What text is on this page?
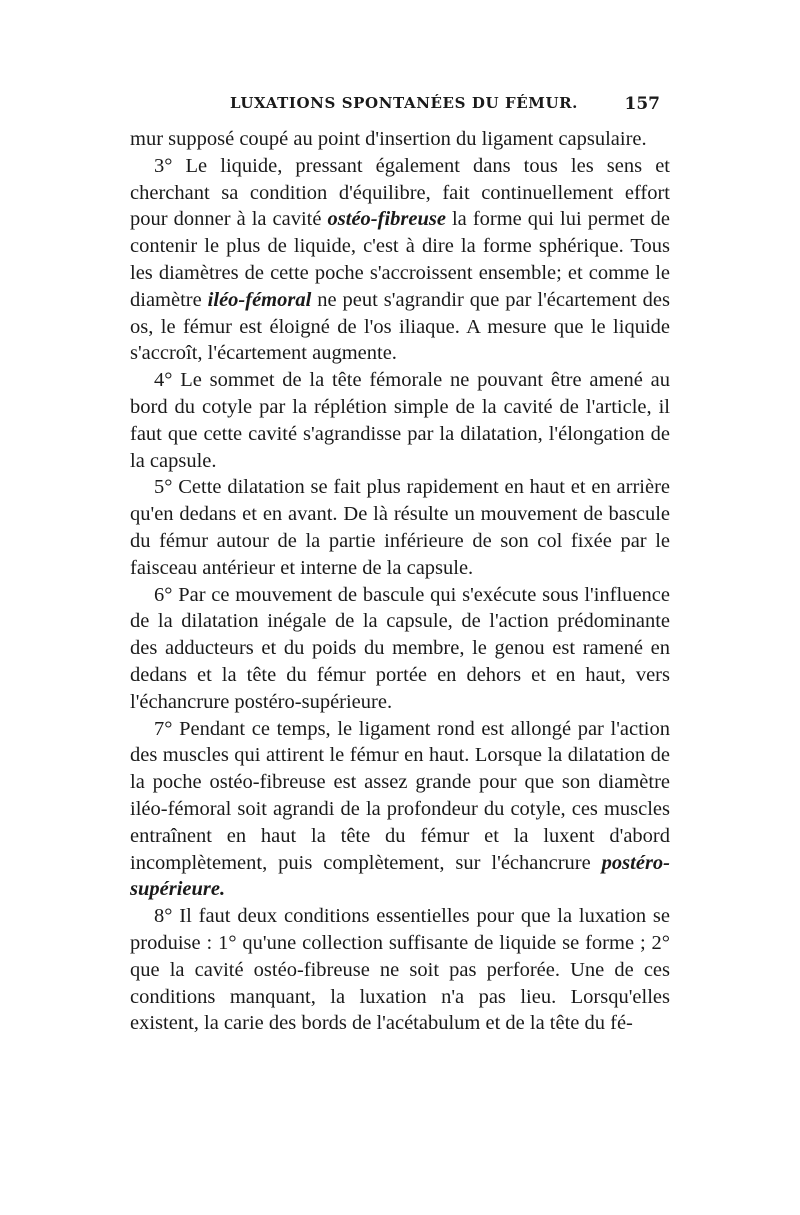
LUXATIONS SPONTANÉES DU FÉMUR.	157

mur supposé coupé au point d'insertion du ligament capsulaire.

3° Le liquide, pressant également dans tous les sens et cherchant sa condition d'équilibre, fait continuellement effort pour donner à la cavité ostéo-fibreuse la forme qui lui permet de contenir le plus de liquide, c'est à dire la forme sphérique. Tous les diamètres de cette poche s'accroissent ensemble; et comme le diamètre iléo-fémoral ne peut s'agrandir que par l'écartement des os, le fémur est éloigné de l'os iliaque. A mesure que le liquide s'accroît, l'écartement augmente.

4° Le sommet de la tête fémorale ne pouvant être amené au bord du cotyle par la réplétion simple de la cavité de l'article, il faut que cette cavité s'agrandisse par la dilatation, l'élongation de la capsule.

5° Cette dilatation se fait plus rapidement en haut et en arrière qu'en dedans et en avant. De là résulte un mouvement de bascule du fémur autour de la partie inférieure de son col fixée par le faisceau antérieur et interne de la capsule.

6° Par ce mouvement de bascule qui s'exécute sous l'influence de la dilatation inégale de la capsule, de l'action prédominante des adducteurs et du poids du membre, le genou est ramené en dedans et la tête du fémur portée en dehors et en haut, vers l'échancrure postéro-supérieure.

7° Pendant ce temps, le ligament rond est allongé par l'action des muscles qui attirent le fémur en haut. Lorsque la dilatation de la poche ostéo-fibreuse est assez grande pour que son diamètre iléo-fémoral soit agrandi de la profondeur du cotyle, ces muscles entraînent en haut la tête du fémur et la luxent d'abord incomplètement, puis complètement, sur l'échancrure postéro-supérieure.

8° Il faut deux conditions essentielles pour que la luxation se produise : 1° qu'une collection suffisante de liquide se forme ; 2° que la cavité ostéo-fibreuse ne soit pas perforée. Une de ces conditions manquant, la luxation n'a pas lieu. Lorsqu'elles existent, la carie des bords de l'acétabulum et de la tête du fé-
